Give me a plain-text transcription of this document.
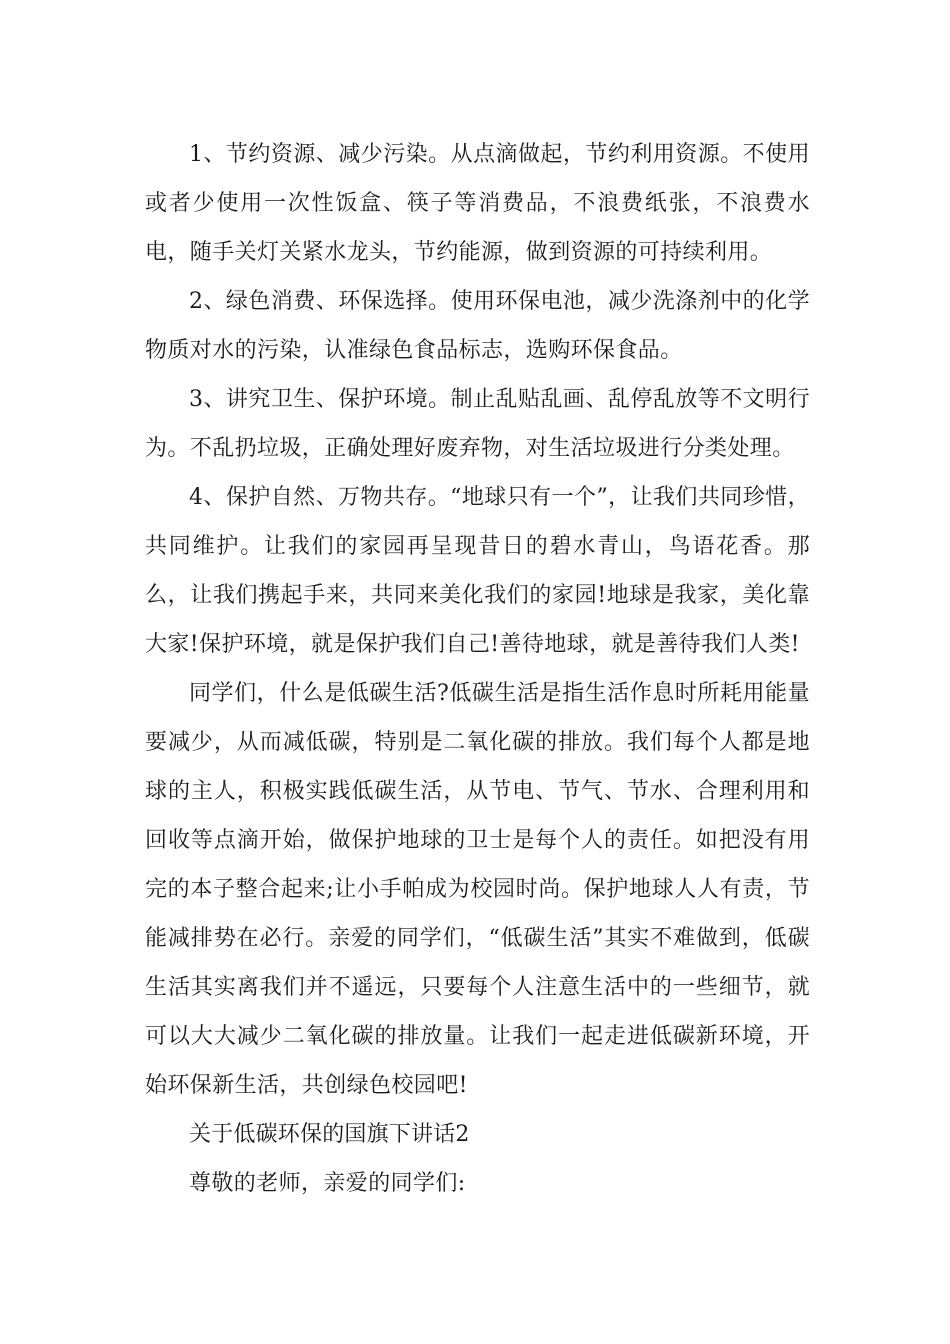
1、节约资源、减少污染。从点滴做起，节约利用资源。不使用或者少使用一次性饭盒、筷子等消费品，不浪费纸张，不浪费水电，随手关灯关紧水龙头，节约能源，做到资源的可持续利用。

2、绿色消费、环保选择。使用环保电池，减少洗涤剂中的化学物质对水的污染，认准绿色食品标志，选购环保食品。

3、讲究卫生、保护环境。制止乱贴乱画、乱停乱放等不文明行为。不乱扔垃圾，正确处理好废弃物，对生活垃圾进行分类处理。

4、保护自然、万物共存。“地球只有一个”，让我们共同珍惜，共同维护。让我们的家园再呈现昔日的碧水青山，鸟语花香。那么，让我们携起手来，共同来美化我们的家园!地球是我家，美化靠大家!保护环境，就是保护我们自己!善待地球，就是善待我们人类!

同学们，什么是低碳生活?低碳生活是指生活作息时所耗用能量要减少，从而减低碳，特别是二氧化碳的排放。我们每个人都是地球的主人，积极实践低碳生活，从节电、节气、节水、合理利用和回收等点滴开始，做保护地球的卫士是每个人的责任。如把没有用完的本子整合起来;让小手帕成为校园时尚。保护地球人人有责，节能减排势在必行。亲爱的同学们，“低碳生活”其实不难做到，低碳生活其实离我们并不遥远，只要每个人注意生活中的一些细节，就可以大大减少二氧化碳的排放量。让我们一起走进低碳新环境，开始环保新生活，共创绿色校园吧!

关于低碳环保的国旗下讲话2

尊敬的老师，亲爱的同学们:
